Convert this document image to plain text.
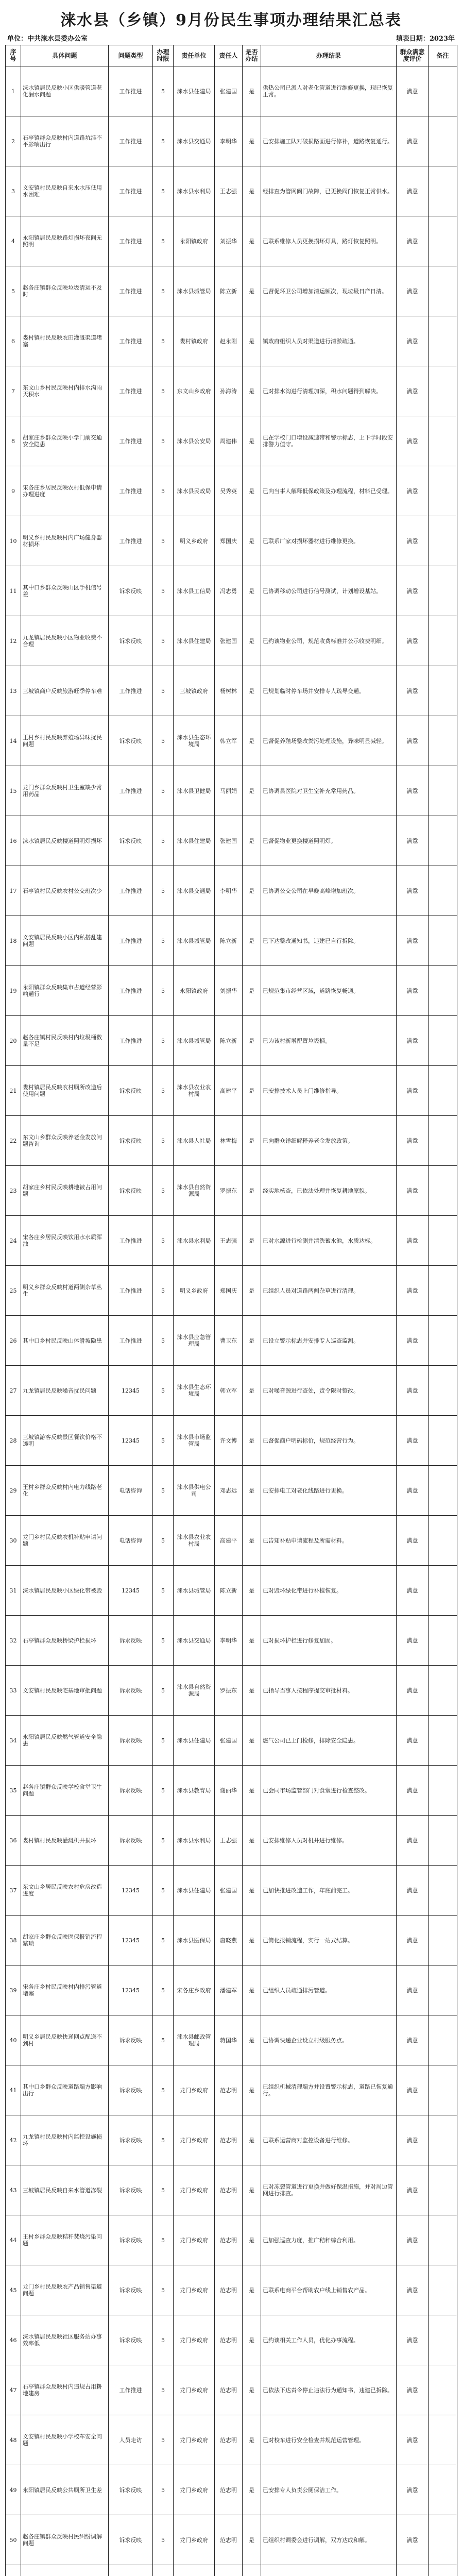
涞水县（乡镇）9月份民生事项办理结果汇总表
单位：中共涞水县委办公室	填表日期：2023年
序号	具体问题	问题类型	办理时限	责任单位	责任人	是否办结	办理结果	群众满意度评价	备注
1	涞水镇居民反映小区供暖管道老化漏水问题	工作推进	5	涞水县住建局	张建国	是	供热公司已派人对老化管道进行维修更换，现已恢复正常。	满意	
2	石亭镇群众反映村内道路坑洼不平影响出行	工作推进	5	涞水县交通局	李明华	是	已安排施工队对破损路面进行修补，道路恢复通行。	满意	
3	义安镇村民反映自来水水压低用水困难	工作推进	5	涞水县水利局	王志强	是	经排查为管网阀门故障，已更换阀门恢复正常供水。	满意	
4	永阳镇居民反映路灯损坏夜间无照明	工作推进	5	永阳镇政府	刘振华	是	已联系维修人员更换损坏灯具，路灯恢复照明。	满意	
5	赵各庄镇群众反映垃圾清运不及时	工作推进	5	涞水县城管局	陈立新	是	已督促环卫公司增加清运频次，现垃圾日产日清。	满意	
6	娄村镇村民反映农田灌溉渠道堵塞	工作推进	5	娄村镇政府	赵永刚	是	镇政府组织人员对渠道进行清淤疏通。	满意	
7	东文山乡村民反映村内排水沟雨天积水	工作推进	5	东文山乡政府	孙海涛	是	已对排水沟进行清理加深，积水问题得到解决。	满意	
8	胡家庄乡群众反映小学门前交通安全隐患	工作推进	5	涞水县公安局	周建伟	是	已在学校门口增设减速带和警示标志，上下学时段安排警力值守。	满意	
9	宋各庄乡居民反映农村低保申请办理进度	工作推进	5	涞水县民政局	吴秀英	是	已向当事人解释低保政策及办理流程，材料已受理。	满意	
10	明义乡村民反映村内广场健身器材损坏	工作推进	5	明义乡政府	郑国庆	是	已联系厂家对损坏器材进行维修更换。	满意	
11	其中口乡群众反映山区手机信号差	诉求反映	5	涞水县工信局	冯志勇	是	已协调移动公司进行信号测试，计划增设基站。	满意	
12	九龙镇居民反映小区物业收费不合理	诉求反映	5	涞水县住建局	张建国	是	已约谈物业公司，规范收费标准并公示收费明细。	满意	
13	三坡镇商户反映旅游旺季停车难	工作推进	5	三坡镇政府	杨树林	是	已规划临时停车场并安排专人疏导交通。	满意	
14	王村乡村民反映养殖场异味扰民问题	诉求反映	5	涞水县生态环境局	韩立军	是	已督促养殖场整改粪污处理设施，异味明显减轻。	满意	
15	龙门乡群众反映村卫生室缺少常用药品	工作推进	5	涞水县卫健局	马丽娟	是	已协调县医院对卫生室补充常用药品。	满意	
16	涞水镇居民反映楼道照明灯损坏	诉求反映	5	涞水县住建局	张建国	是	已督促物业更换楼道照明灯。	满意	
17	石亭镇村民反映农村公交班次少	工作推进	5	涞水县交通局	李明华	是	已协调公交公司在早晚高峰增加班次。	满意	
18	义安镇居民反映小区内私搭乱建问题	工作推进	5	涞水县城管局	陈立新	是	已下达整改通知书，违建已自行拆除。	满意	
19	永阳镇群众反映集市占道经营影响通行	工作推进	5	永阳镇政府	刘振华	是	已规范集市经营区域，道路恢复畅通。	满意	
20	赵各庄镇村民反映村内垃圾桶数量不足	工作推进	5	涞水县城管局	陈立新	是	已为该村新增配置垃圾桶。	满意	
21	娄村镇居民反映农村厕所改造后使用问题	诉求反映	5	涞水县农业农村局	高建平	是	已安排技术人员上门维修指导。	满意	
22	东文山乡群众反映养老金发放问题咨询	诉求反映	5	涞水县人社局	林雪梅	是	已向群众详细解释养老金发放政策。	满意	
23	胡家庄乡村民反映耕地被占用问题	诉求反映	5	涞水县自然资源局	罗振东	是	经实地核查，已依法处理并恢复耕地原貌。	满意	
24	宋各庄乡居民反映饮用水水质浑浊	工作推进	5	涞水县水利局	王志强	是	已对水源进行检测并清洗蓄水池，水质达标。	满意	
25	明义乡群众反映村道两侧杂草丛生	工作推进	5	明义乡政府	郑国庆	是	已组织人员对道路两侧杂草进行清理。	满意	
26	其中口乡村民反映山体滑坡隐患	工作推进	5	涞水县应急管理局	曹卫东	是	已设立警示标志并安排专人巡查监测。	满意	
27	九龙镇居民反映噪音扰民问题	12345	5	涞水县生态环境局	韩立军	是	已对噪音源进行查处，责令限时整改。	满意	
28	三坡镇游客反映景区餐饮价格不透明	12345	5	涞水县市场监管局	许文博	是	已督促商户明码标价，规范经营行为。	满意	
29	王村乡群众反映村内电力线路老化	电话咨询	5	涞水县供电公司	邓志远	是	已安排电工对老化线路进行更换。	满意	
30	龙门乡村民反映农机补贴申请问题	电话咨询	5	涞水县农业农村局	高建平	是	已告知补贴申请流程及所需材料。	满意	
31	涞水镇居民反映小区绿化带被毁	12345	5	涞水县城管局	陈立新	是	已对毁坏绿化带进行补植恢复。	满意	
32	石亭镇群众反映桥梁护栏损坏	诉求反映	5	涞水县交通局	李明华	是	已对损坏护栏进行修复加固。	满意	
33	义安镇村民反映宅基地审批问题	诉求反映	5	涞水县自然资源局	罗振东	是	已指导当事人按程序提交审批材料。	满意	
34	永阳镇居民反映燃气管道安全隐患	诉求反映	5	涞水县住建局	张建国	是	燃气公司已上门检修，排除安全隐患。	满意	
35	赵各庄镇群众反映学校食堂卫生问题	诉求反映	5	涞水县教育局	谢丽华	是	已会同市场监管部门对食堂进行检查整改。	满意	
36	娄村镇村民反映灌溉机井损坏	诉求反映	5	涞水县水利局	王志强	是	已安排维修人员对机井进行维修。	满意	
37	东文山乡居民反映农村危房改造进度	12345	5	涞水县住建局	张建国	是	已加快推进改造工作，年底前完工。	满意	
38	胡家庄乡群众反映医保报销流程繁琐	12345	5	涞水县医保局	唐晓燕	是	已简化报销流程，实行一站式结算。	满意	
39	宋各庄乡村民反映村内排污管道堵塞	12345	5	宋各庄乡政府	潘建军	是	已组织人员疏通排污管道。	满意	
40	明义乡居民反映快递网点配送不到村	诉求反映	5	涞水县邮政管理局	蒋国华	是	已协调快递企业设立村级服务点。	满意	
41	其中口乡群众反映道路塌方影响出行	诉求反映	5	龙门乡政府	范志明	是	已组织机械清理塌方并设置警示标志，道路已恢复通行。	满意	
42	九龙镇村民反映村内监控设施损坏	诉求反映	5	龙门乡政府	范志明	是	已联系运营商对监控设备进行维修。	满意	
43	三坡镇居民反映自来水管道冻裂	诉求反映	5	龙门乡政府	范志明	是	已对冻裂管道进行更换并做好保温措施，并对周边管网进行排查。	满意	
44	王村乡群众反映秸秆焚烧污染问题	诉求反映	5	龙门乡政府	范志明	是	已加强巡查力度，推广秸秆综合利用。	满意	
45	龙门乡村民反映农产品销售渠道问题	诉求反映	5	龙门乡政府	范志明	是	已联系电商平台帮助农户线上销售农产品。	满意	
46	涞水镇居民反映社区服务站办事效率低	诉求反映	5	龙门乡政府	范志明	是	已约谈相关工作人员，优化办事流程。	满意	
47	石亭镇群众反映村内违规占用耕地建房	工作推进	5	龙门乡政府	范志明	是	已依法下达责令停止违法行为通知书，违建已拆除。	满意	
48	义安镇村民反映小学校车安全问题	人员走访	5	龙门乡政府	范志明	是	已对校车进行安全检查并规范运营管理。	满意	
49	永阳镇居民反映公共厕所卫生差	诉求反映	5	龙门乡政府	范志明	是	已安排专人负责公厕保洁工作。	满意	
50	赵各庄镇群众反映村民纠纷调解问题	诉求反映	5	龙门乡政府	范志明	是	已组织村调委会进行调解，双方达成和解。	满意	
